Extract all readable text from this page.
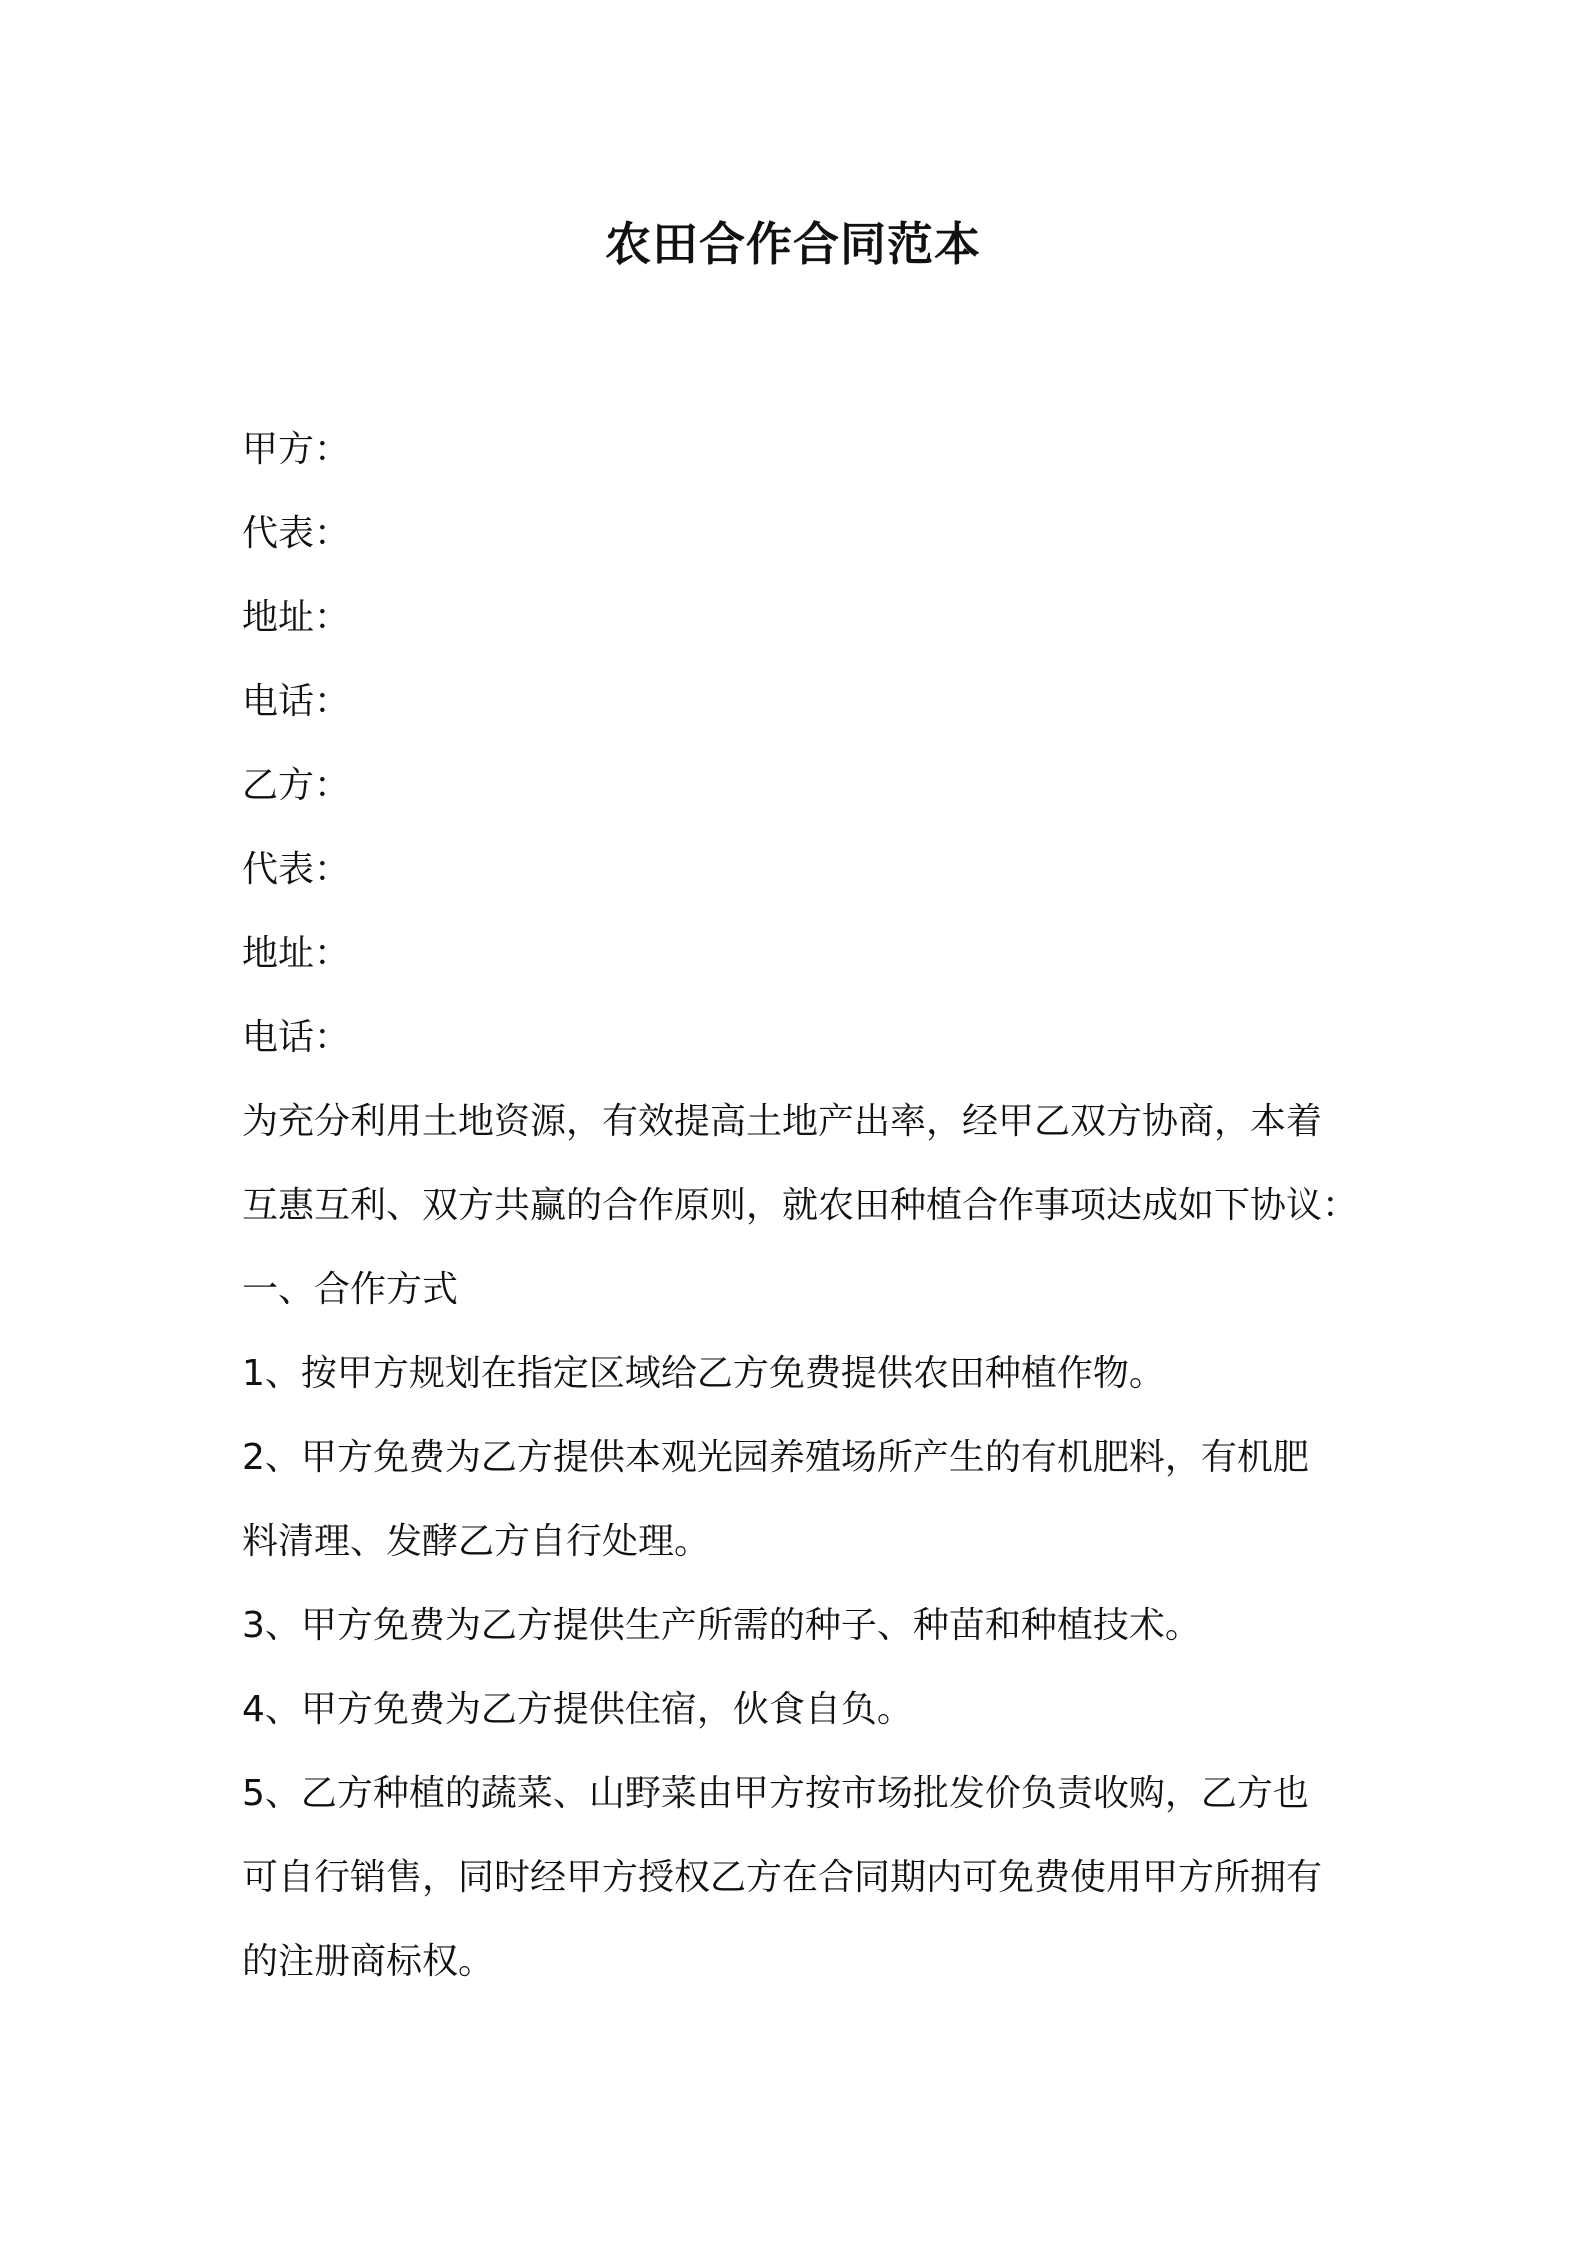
农田合作合同范本
甲方：
代表：
地址：
电话：
乙方：
代表：
地址：
电话：
为充分利用土地资源，有效提高土地产出率，经甲乙双方协商，本着
互惠互利、双方共赢的合作原则，就农田种植合作事项达成如下协议：
一、合作方式
1、按甲方规划在指定区域给乙方免费提供农田种植作物。
2、甲方免费为乙方提供本观光园养殖场所产生的有机肥料，有机肥
料清理、发酵乙方自行处理。
3、甲方免费为乙方提供生产所需的种子、种苗和种植技术。
4、甲方免费为乙方提供住宿，伙食自负。
5、乙方种植的蔬菜、山野菜由甲方按市场批发价负责收购，乙方也
可自行销售，同时经甲方授权乙方在合同期内可免费使用甲方所拥有
的注册商标权。
